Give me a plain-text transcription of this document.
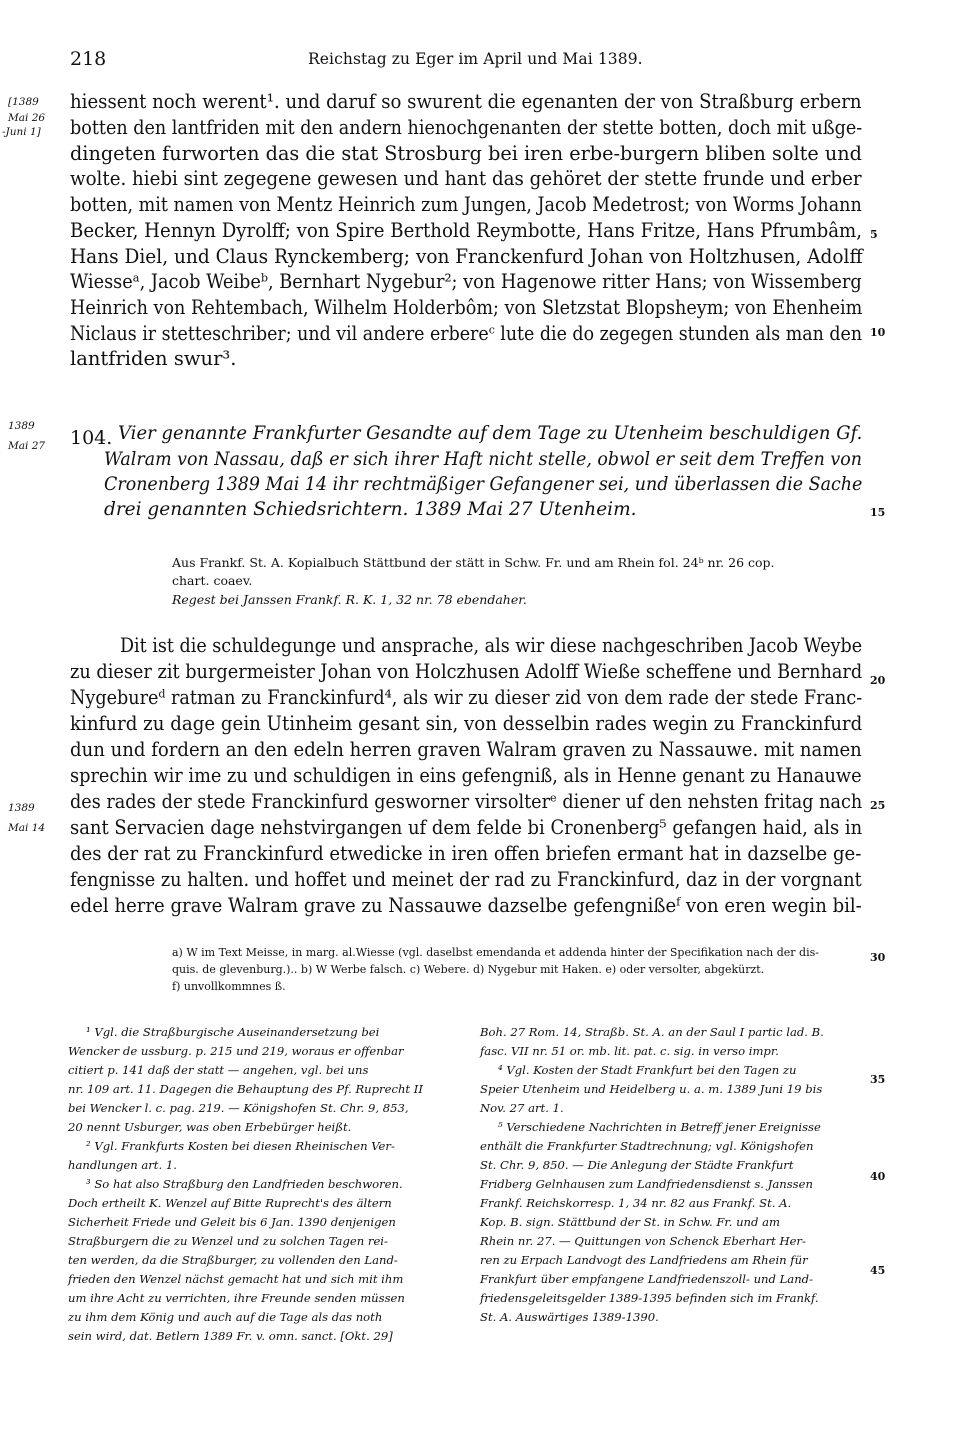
218	Reichstag zu Eger im April und Mai 1389.
[1389
Mai 26
-Juni 1]
1389
Mai 27
1389
Mai 14
5
10
15
20
25
30
35
40
45
hiessent noch werent¹. und daruf so swurent die egenanten der von Straßburg erbern
botten den lantfriden mit den andern hienochgenanten der stette botten, doch mit ußge-
dingeten furworten das die stat Strosburg bei iren erbe-burgern bliben solte und
wolte. hiebi sint zegegene gewesen und hant das gehöret der stette frunde und erber
botten, mit namen von Mentz Heinrich zum Jungen, Jacob Medetrost; von Worms Johann
Becker, Hennyn Dyrolff; von Spire Berthold Reymbotte, Hans Fritze, Hans Pfrumbâm,
Hans Diel, und Claus Rynckemberg; von Franckenfurd Johan von Holtzhusen, Adolff
Wiesseᵃ, Jacob Weibeᵇ, Bernhart Nygebur²; von Hagenowe ritter Hans; von Wissemberg
Heinrich von Rehtembach, Wilhelm Holderbôm; von Sletzstat Blopsheym; von Ehenheim
Niclaus ir stetteschriber; und vil andere erbereᶜ lute die do zegegen stunden als man den
lantfriden swur³.
104. Vier genannte Frankfurter Gesandte auf dem Tage zu Utenheim beschuldigen Gf.
Walram von Nassau, daß er sich ihrer Haft nicht stelle, obwol er seit dem Treffen von
Cronenberg 1389 Mai 14 ihr rechtmäßiger Gefangener sei, und überlassen die Sache
drei genannten Schiedsrichtern. 1389 Mai 27 Utenheim.
Aus Frankf. St. A. Kopialbuch Stättbund der stätt in Schw. Fr. und am Rhein fol. 24ᵇ nr. 26 cop.
chart. coaev.
Regest bei Janssen Frankf. R. K. 1, 32 nr. 78 ebendaher.
Dit ist die schuldegunge und ansprache, als wir diese nachgeschriben Jacob Weybe
zu dieser zit burgermeister Johan von Holczhusen Adolff Wieße scheffene und Bernhard
Nygebureᵈ ratman zu Franckinfurd⁴, als wir zu dieser zid von dem rade der stede Franc-
kinfurd zu dage gein Utinheim gesant sin, von desselbin rades wegin zu Franckinfurd
dun und fordern an den edeln herren graven Walram graven zu Nassauwe. mit namen
sprechin wir ime zu und schuldigen in eins gefengniß, als in Henne genant zu Hanauwe
des rades der stede Franckinfurd gesworner virsolterᵉ diener uf den nehsten fritag nach
sant Servacien dage nehstvirgangen uf dem felde bi Cronenberg⁵ gefangen haid, als in
des der rat zu Franckinfurd etwedicke in iren offen briefen ermant hat in dazselbe ge-
fengnisse zu halten. und hoffet und meinet der rad zu Franckinfurd, daz in der vorgnant
edel herre grave Walram grave zu Nassauwe dazselbe gefengnißeᶠ von eren wegin bil-
a) W im Text Meisse, in marg. al.Wiesse (vgl. daselbst emendanda et addenda hinter der Specifikation nach der dis-
quis. de glevenburg.).. b) W Werbe falsch. c) Webere. d) Nygebur mit Haken. e) oder versolter, abgekürzt.
f) unvollkommnes ß.
¹ Vgl. die Straßburgische Auseinandersetzung bei
Wencker de ussburg. p. 215 und 219, woraus er offenbar
citiert p. 141 daß der statt — angehen, vgl. bei uns
nr. 109 art. 11. Dagegen die Behauptung des Pf. Ruprecht II
bei Wencker l. c. pag. 219. — Königshofen St. Chr. 9, 853,
20 nennt Usburger, was oben Erbebürger heißt.
² Vgl. Frankfurts Kosten bei diesen Rheinischen Ver-
handlungen art. 1.
³ So hat also Straßburg den Landfrieden beschworen.
Doch ertheilt K. Wenzel auf Bitte Ruprecht's des ältern
Sicherheit Friede und Geleit bis 6 Jan. 1390 denjenigen
Straßburgern die zu Wenzel und zu solchen Tagen rei-
ten werden, da die Straßburger, zu vollenden den Land-
frieden den Wenzel nächst gemacht hat und sich mit ihm
um ihre Acht zu verrichten, ihre Freunde senden müssen
zu ihm dem König und auch auf die Tage als das noth
sein wird, dat. Betlern 1389 Fr. v. omn. sanct. [Okt. 29]
Boh. 27 Rom. 14, Straßb. St. A. an der Saul I partic lad. B.
fasc. VII nr. 51 or. mb. lit. pat. c. sig. in verso impr.
⁴ Vgl. Kosten der Stadt Frankfurt bei den Tagen zu
Speier Utenheim und Heidelberg u. a. m. 1389 Juni 19 bis
Nov. 27 art. 1.
⁵ Verschiedene Nachrichten in Betreff jener Ereignisse
enthält die Frankfurter Stadtrechnung; vgl. Königshofen
St. Chr. 9, 850. — Die Anlegung der Städte Frankfurt
Fridberg Gelnhausen zum Landfriedensdienst s. Janssen
Frankf. Reichskorresp. 1, 34 nr. 82 aus Frankf. St. A.
Kop. B. sign. Stättbund der St. in Schw. Fr. und am
Rhein nr. 27. — Quittungen von Schenck Eberhart Her-
ren zu Erpach Landvogt des Landfriedens am Rhein für
Frankfurt über empfangene Landfriedenszoll- und Land-
friedensgeleitsgelder 1389-1395 befinden sich im Frankf.
St. A. Auswärtiges 1389-1390.
